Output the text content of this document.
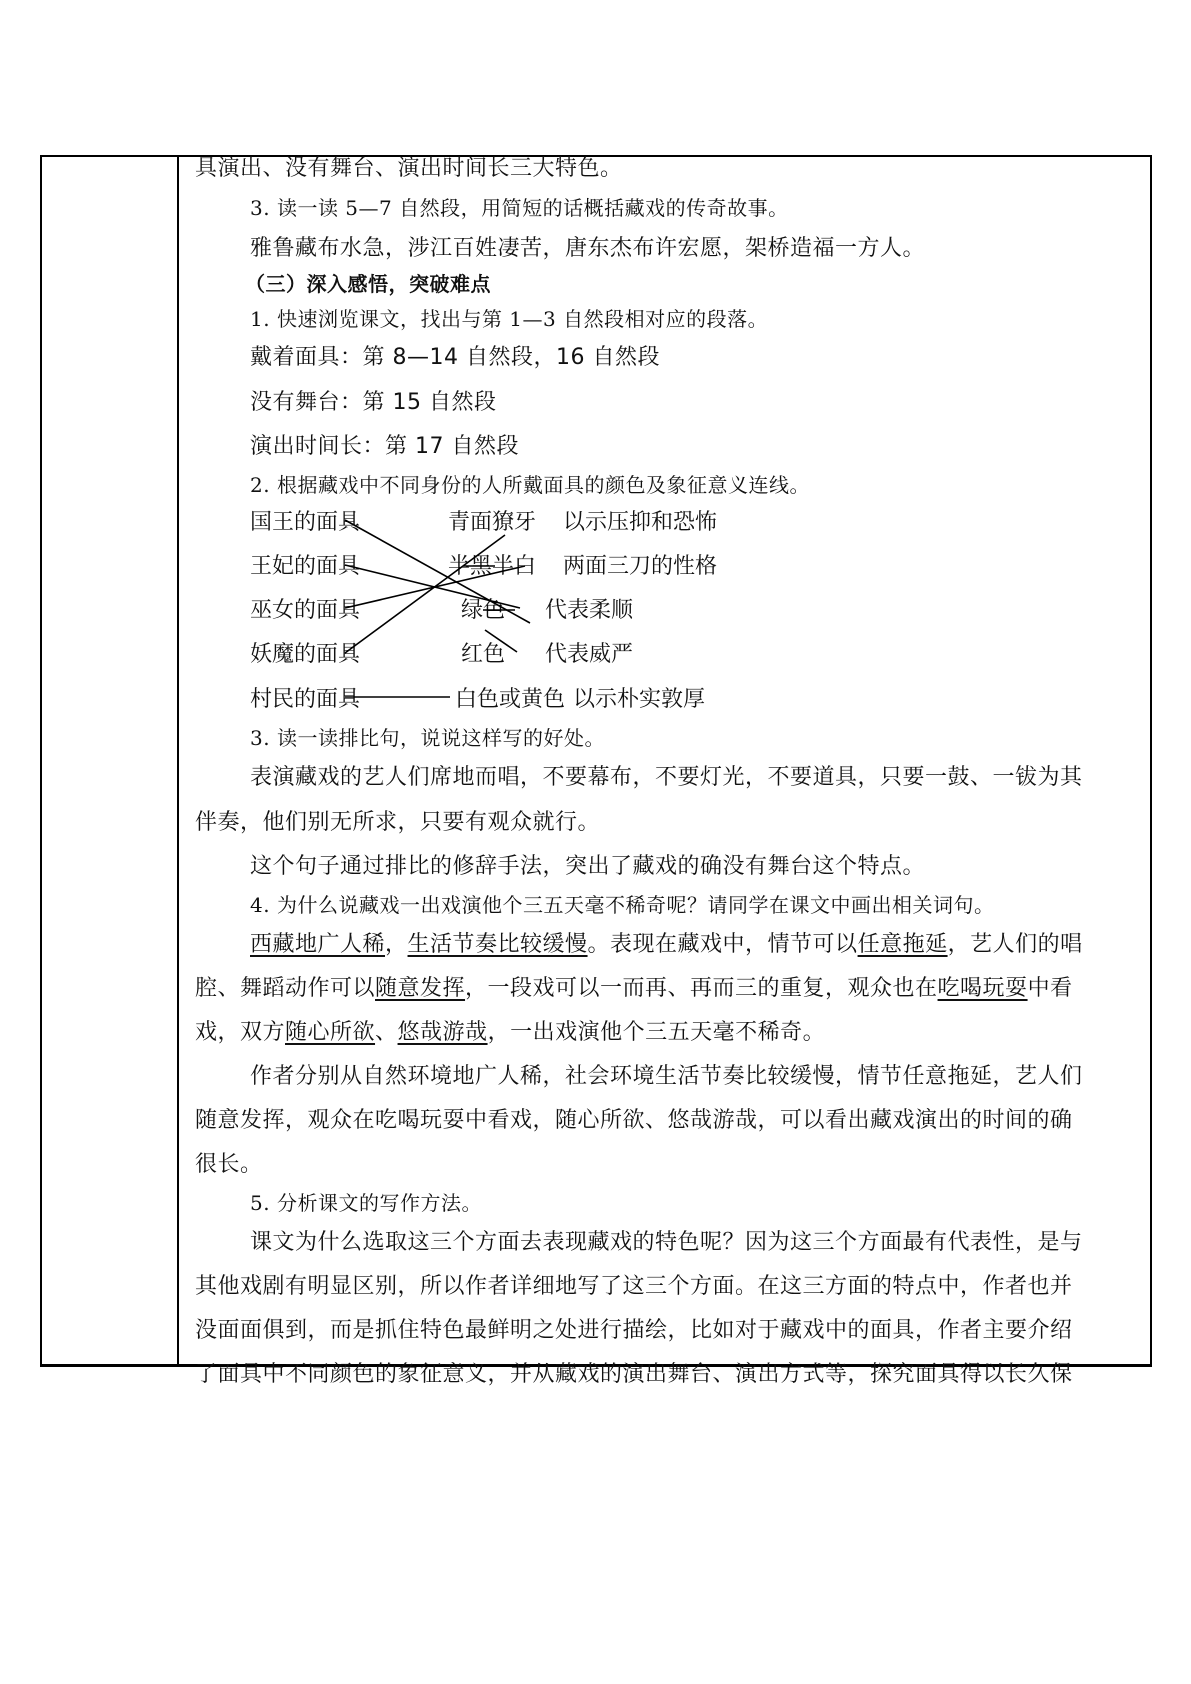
具演出、没有舞台、演出时间长三大特色。
3. 读一读 5—7 自然段，用简短的话概括藏戏的传奇故事。
雅鲁藏布水急，涉江百姓凄苦，唐东杰布许宏愿，架桥造福一方人。
（三）深入感悟，突破难点
1. 快速浏览课文，找出与第 1—3 自然段相对应的段落。
戴着面具：第 8—14 自然段，16 自然段
没有舞台：第 15 自然段
演出时间长：第 17 自然段
2. 根据藏戏中不同身份的人所戴面具的颜色及象征意义连线。
国王的面具
王妃的面具
巫女的面具
妖魔的面具
村民的面具
青面獠牙
半黑半白
绿色
红色
白色或黄色
以示压抑和恐怖
两面三刀的性格
代表柔顺
代表威严
以示朴实敦厚
3. 读一读排比句，说说这样写的好处。
表演藏戏的艺人们席地而唱，不要幕布，不要灯光，不要道具，只要一鼓、一钹为其
伴奏，他们别无所求，只要有观众就行。
这个句子通过排比的修辞手法，突出了藏戏的确没有舞台这个特点。
4. 为什么说藏戏一出戏演他个三五天毫不稀奇呢？请同学在课文中画出相关词句。
西藏地广人稀，生活节奏比较缓慢。表现在藏戏中，情节可以任意拖延，艺人们的唱
腔、舞蹈动作可以随意发挥，一段戏可以一而再、再而三的重复，观众也在吃喝玩耍中看
戏，双方随心所欲、悠哉游哉，一出戏演他个三五天毫不稀奇。
作者分别从自然环境地广人稀，社会环境生活节奏比较缓慢，情节任意拖延，艺人们
随意发挥，观众在吃喝玩耍中看戏，随心所欲、悠哉游哉，可以看出藏戏演出的时间的确
很长。
5. 分析课文的写作方法。
课文为什么选取这三个方面去表现藏戏的特色呢？因为这三个方面最有代表性，是与
其他戏剧有明显区别，所以作者详细地写了这三个方面。在这三方面的特点中，作者也并
没面面俱到，而是抓住特色最鲜明之处进行描绘，比如对于藏戏中的面具，作者主要介绍
了面具中不同颜色的象征意义，并从藏戏的演出舞台、演出方式等，探究面具得以长久保
